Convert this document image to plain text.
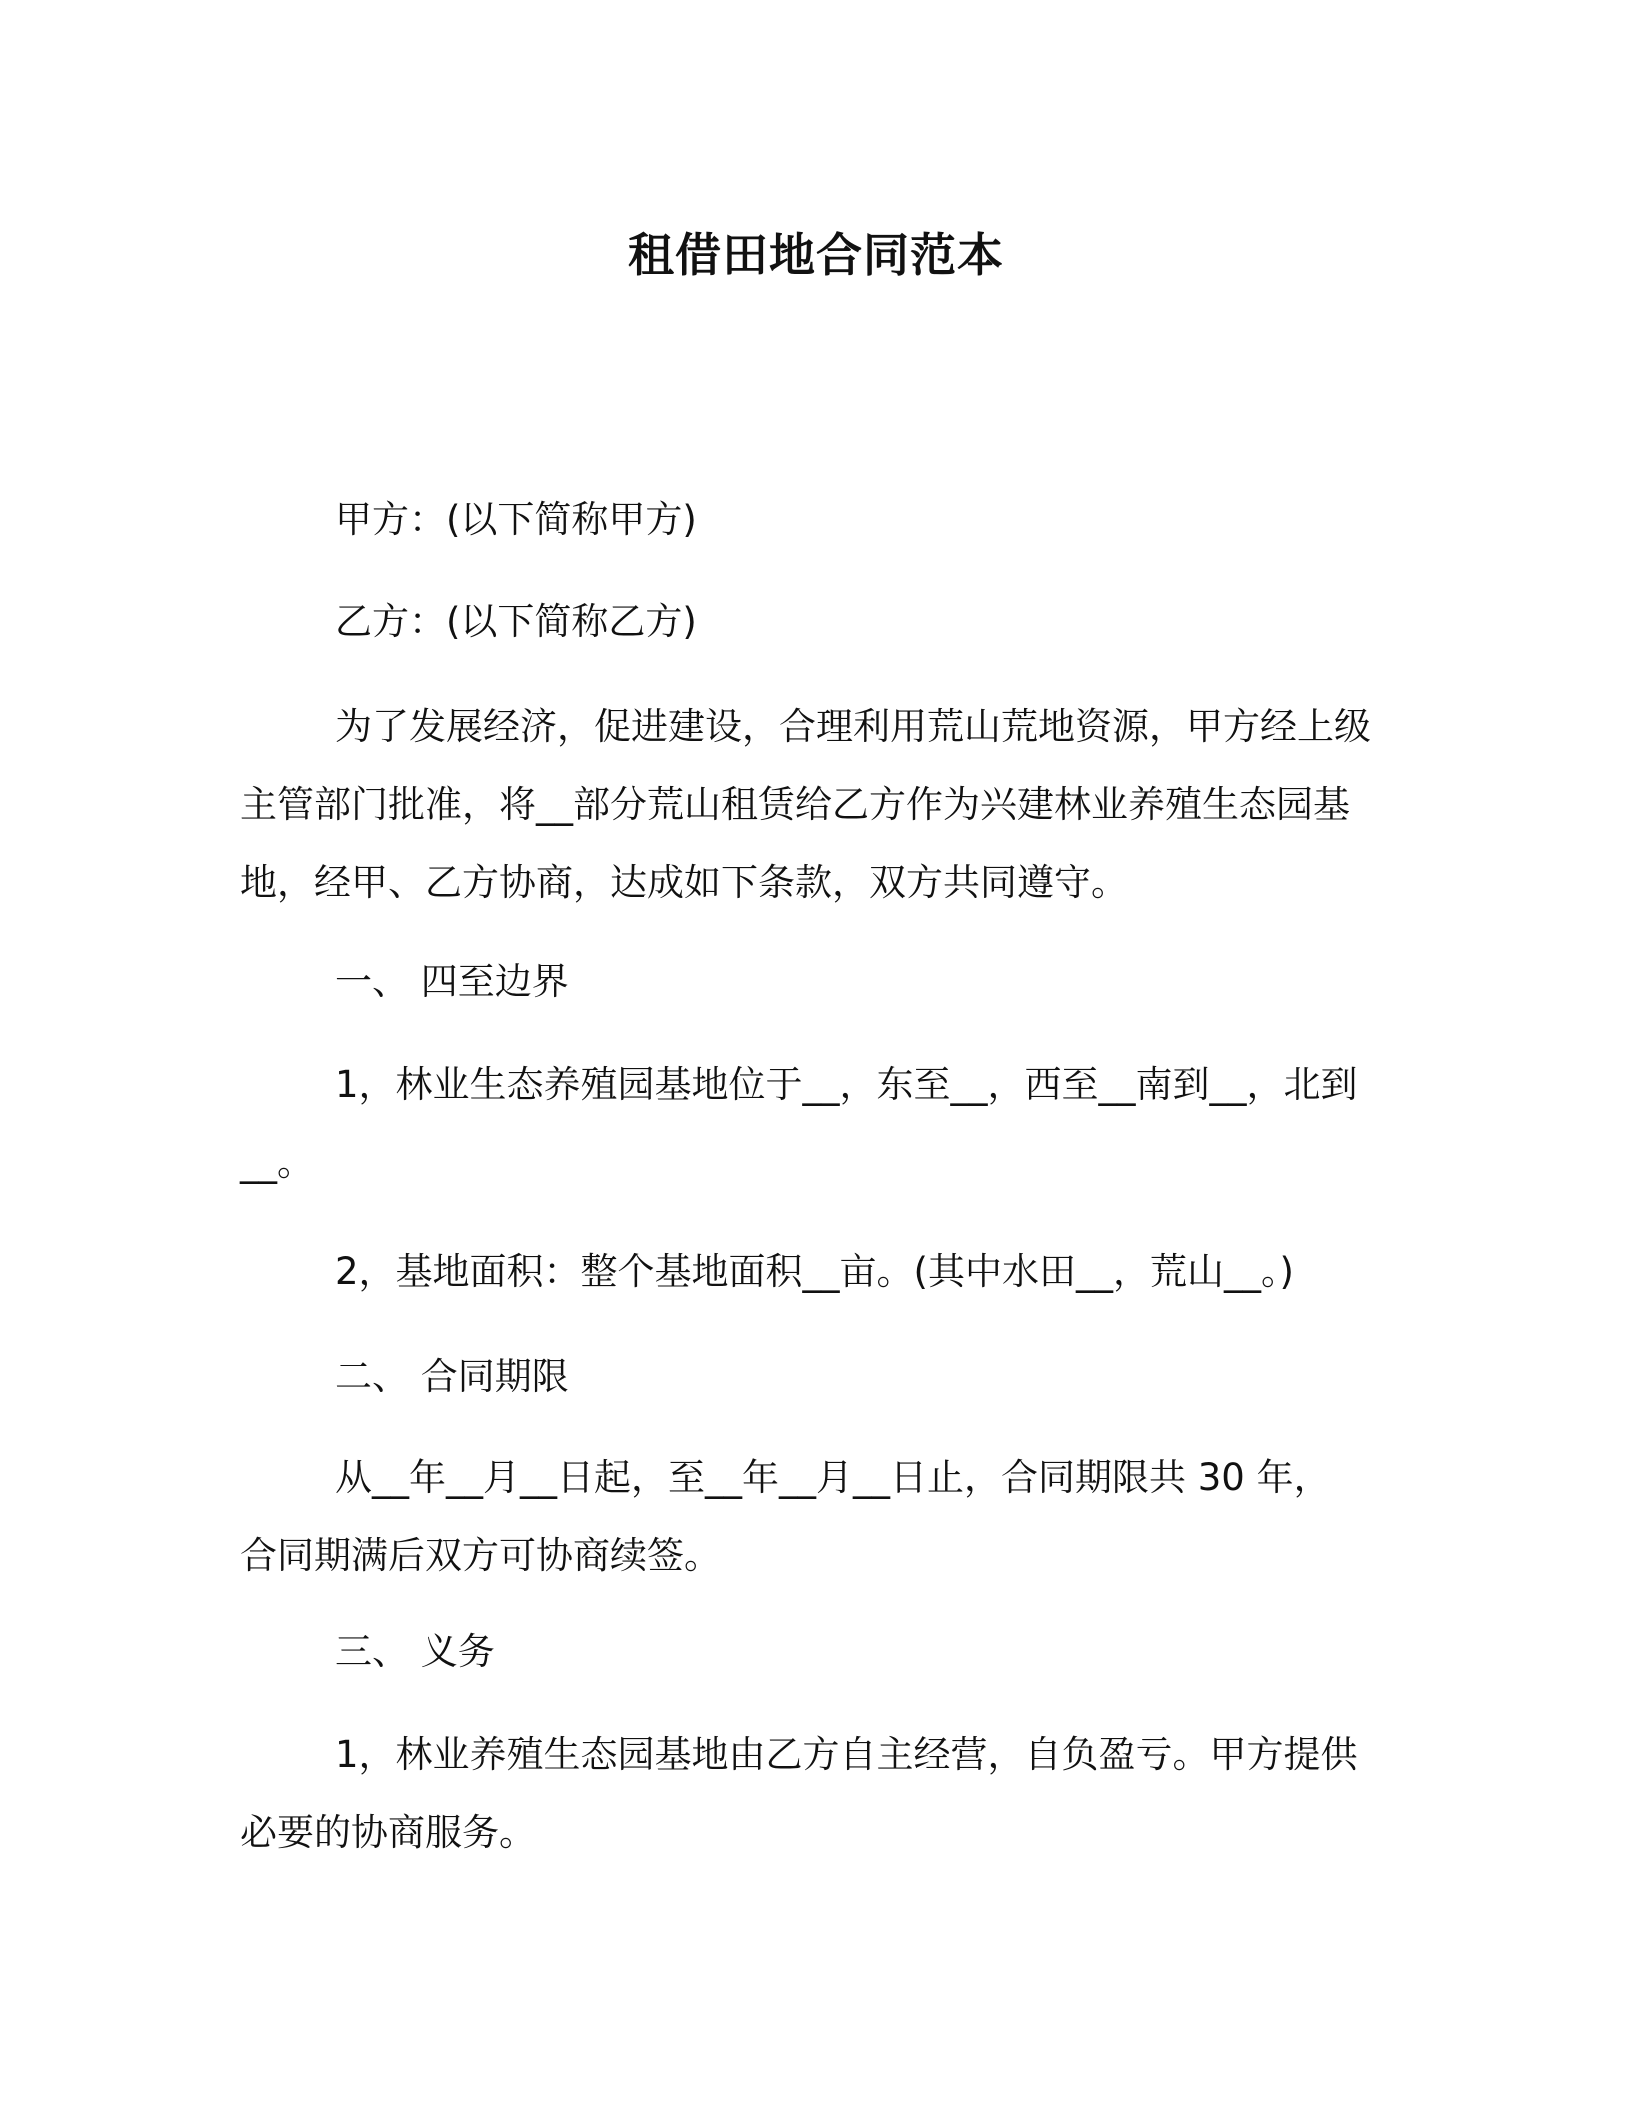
租借田地合同范本
甲方：(以下简称甲方)
乙方：(以下简称乙方)
为了发展经济，促进建设，合理利用荒山荒地资源，甲方经上级
主管部门批准，将__部分荒山租赁给乙方作为兴建林业养殖生态园基
地，经甲、乙方协商，达成如下条款，双方共同遵守。
一、 四至边界
1，林业生态养殖园基地位于__，东至__，西至__南到__，北到
__。
2，基地面积：整个基地面积__亩。(其中水田__，荒山__。)
二、 合同期限
从__年__月__日起，至__年__月__日止，合同期限共 30 年，
合同期满后双方可协商续签。
三、 义务
1，林业养殖生态园基地由乙方自主经营，自负盈亏。甲方提供
必要的协商服务。
